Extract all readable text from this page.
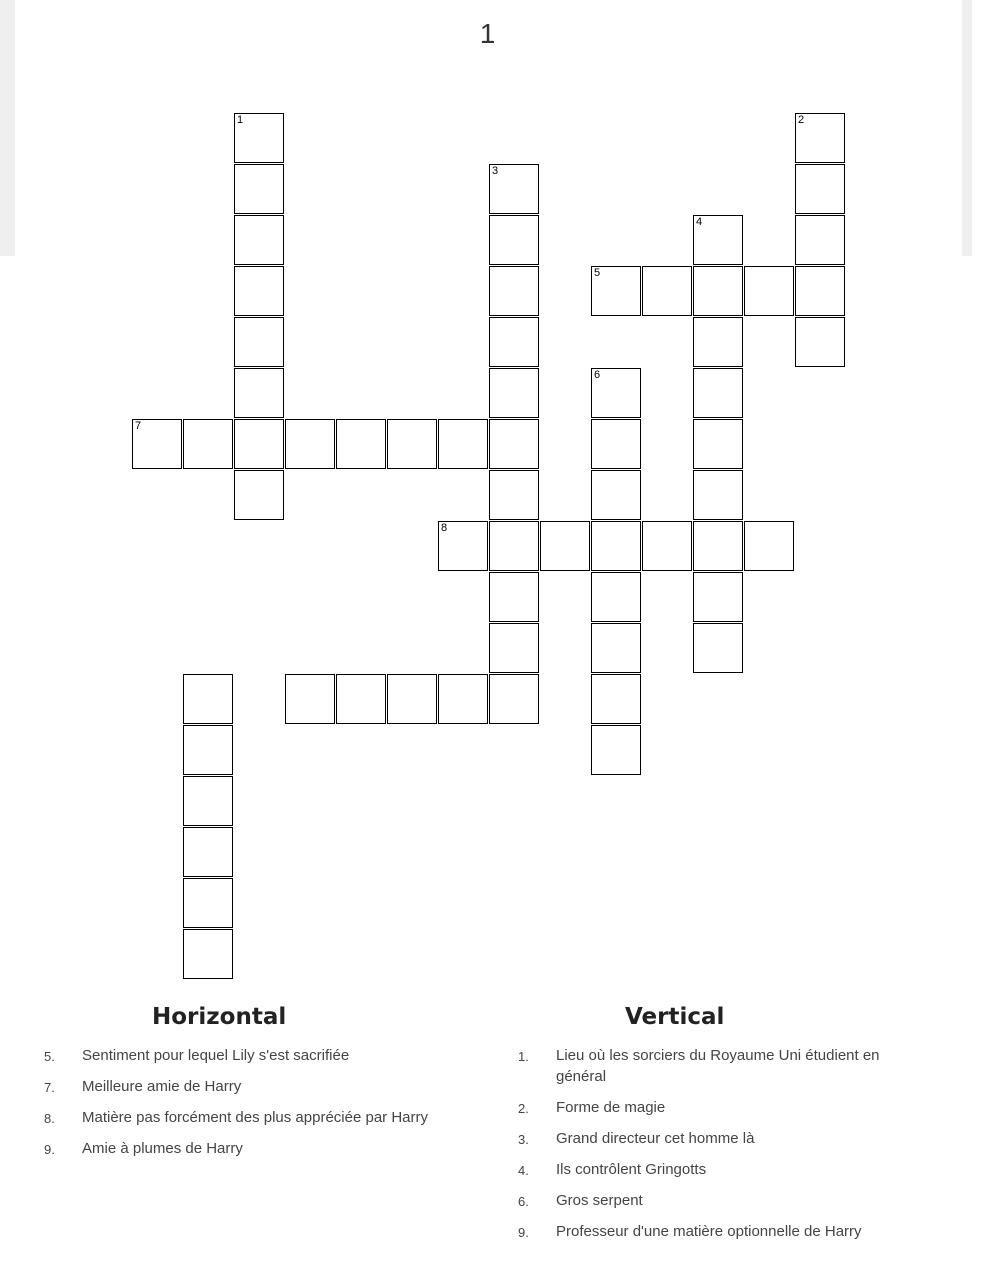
1
1	2
3
4
5
6
7
8
Horizontal	Vertical
5. Sentiment pour lequel Lily s'est sacrifiée
7. Meilleure amie de Harry
8. Matière pas forcément des plus appréciée par Harry
9. Amie à plumes de Harry
1. Lieu où les sorciers du Royaume Uni étudient en général
2. Forme de magie
3. Grand directeur cet homme là
4. Ils contrôlent Gringotts
6. Gros serpent
9. Professeur d'une matière optionnelle de Harry
